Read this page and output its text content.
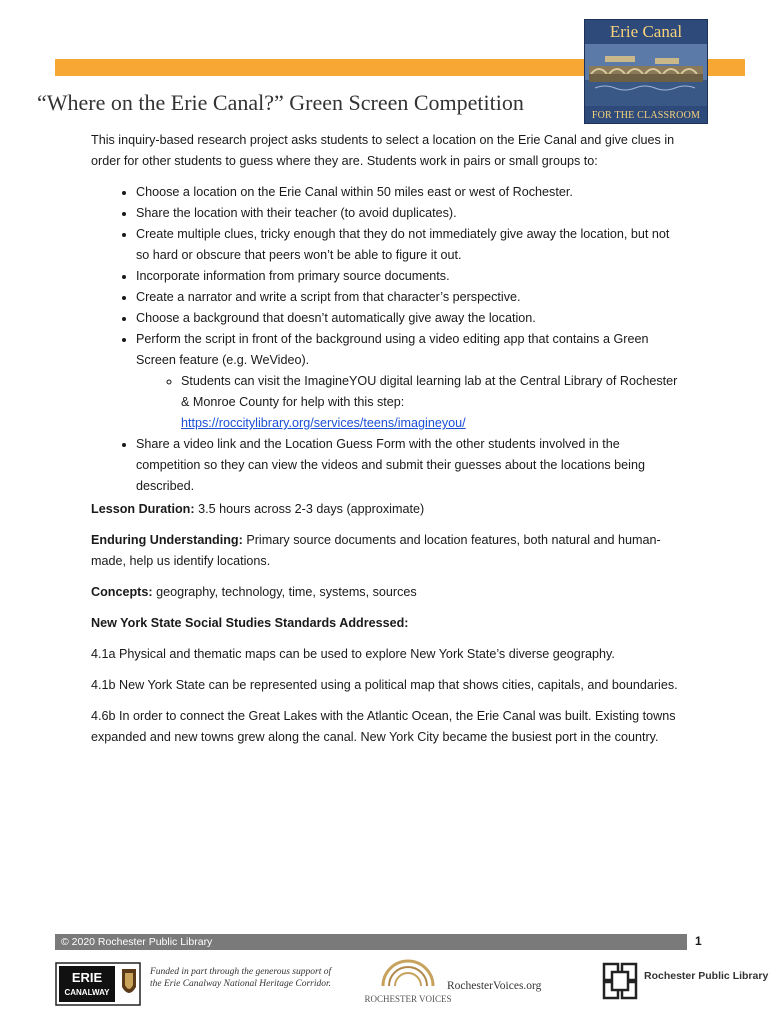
Erie Canal
FOR THE CLASSROOM
“Where on the Erie Canal?” Green Screen Competition

This inquiry-based research project asks students to select a location on the Erie Canal and give clues in order for other students to guess where they are. Students work in pairs or small groups to:

• Choose a location on the Erie Canal within 50 miles east or west of Rochester.
• Share the location with their teacher (to avoid duplicates).
• Create multiple clues, tricky enough that they do not immediately give away the location, but not so hard or obscure that peers won’t be able to figure it out.
• Incorporate information from primary source documents.
• Create a narrator and write a script from that character’s perspective.
• Choose a background that doesn’t automatically give away the location.
• Perform the script in front of the background using a video editing app that contains a Green Screen feature (e.g. WeVideo).
◦ Students can visit the ImagineYOU digital learning lab at the Central Library of Rochester & Monroe County for help with this step: https://roccitylibrary.org/services/teens/imagineyou/
• Share a video link and the Location Guess Form with the other students involved in the competition so they can view the videos and submit their guesses about the locations being described.

Lesson Duration: 3.5 hours across 2-3 days (approximate)

Enduring Understanding: Primary source documents and location features, both natural and human-made, help us identify locations.

Concepts: geography, technology, time, systems, sources

New York State Social Studies Standards Addressed:

4.1a Physical and thematic maps can be used to explore New York State’s diverse geography.

4.1b New York State can be represented using a political map that shows cities, capitals, and boundaries.

4.6b In order to connect the Great Lakes with the Atlantic Ocean, the Erie Canal was built. Existing towns expanded and new towns grew along the canal. New York City became the busiest port in the country.

© 2020 Rochester Public Library	1
ERIE
CANALWAY
Funded in part through the generous support of the Erie Canalway National Heritage Corridor.
ROCHESTER VOICES
RochesterVoices.org
Rochester Public Library
